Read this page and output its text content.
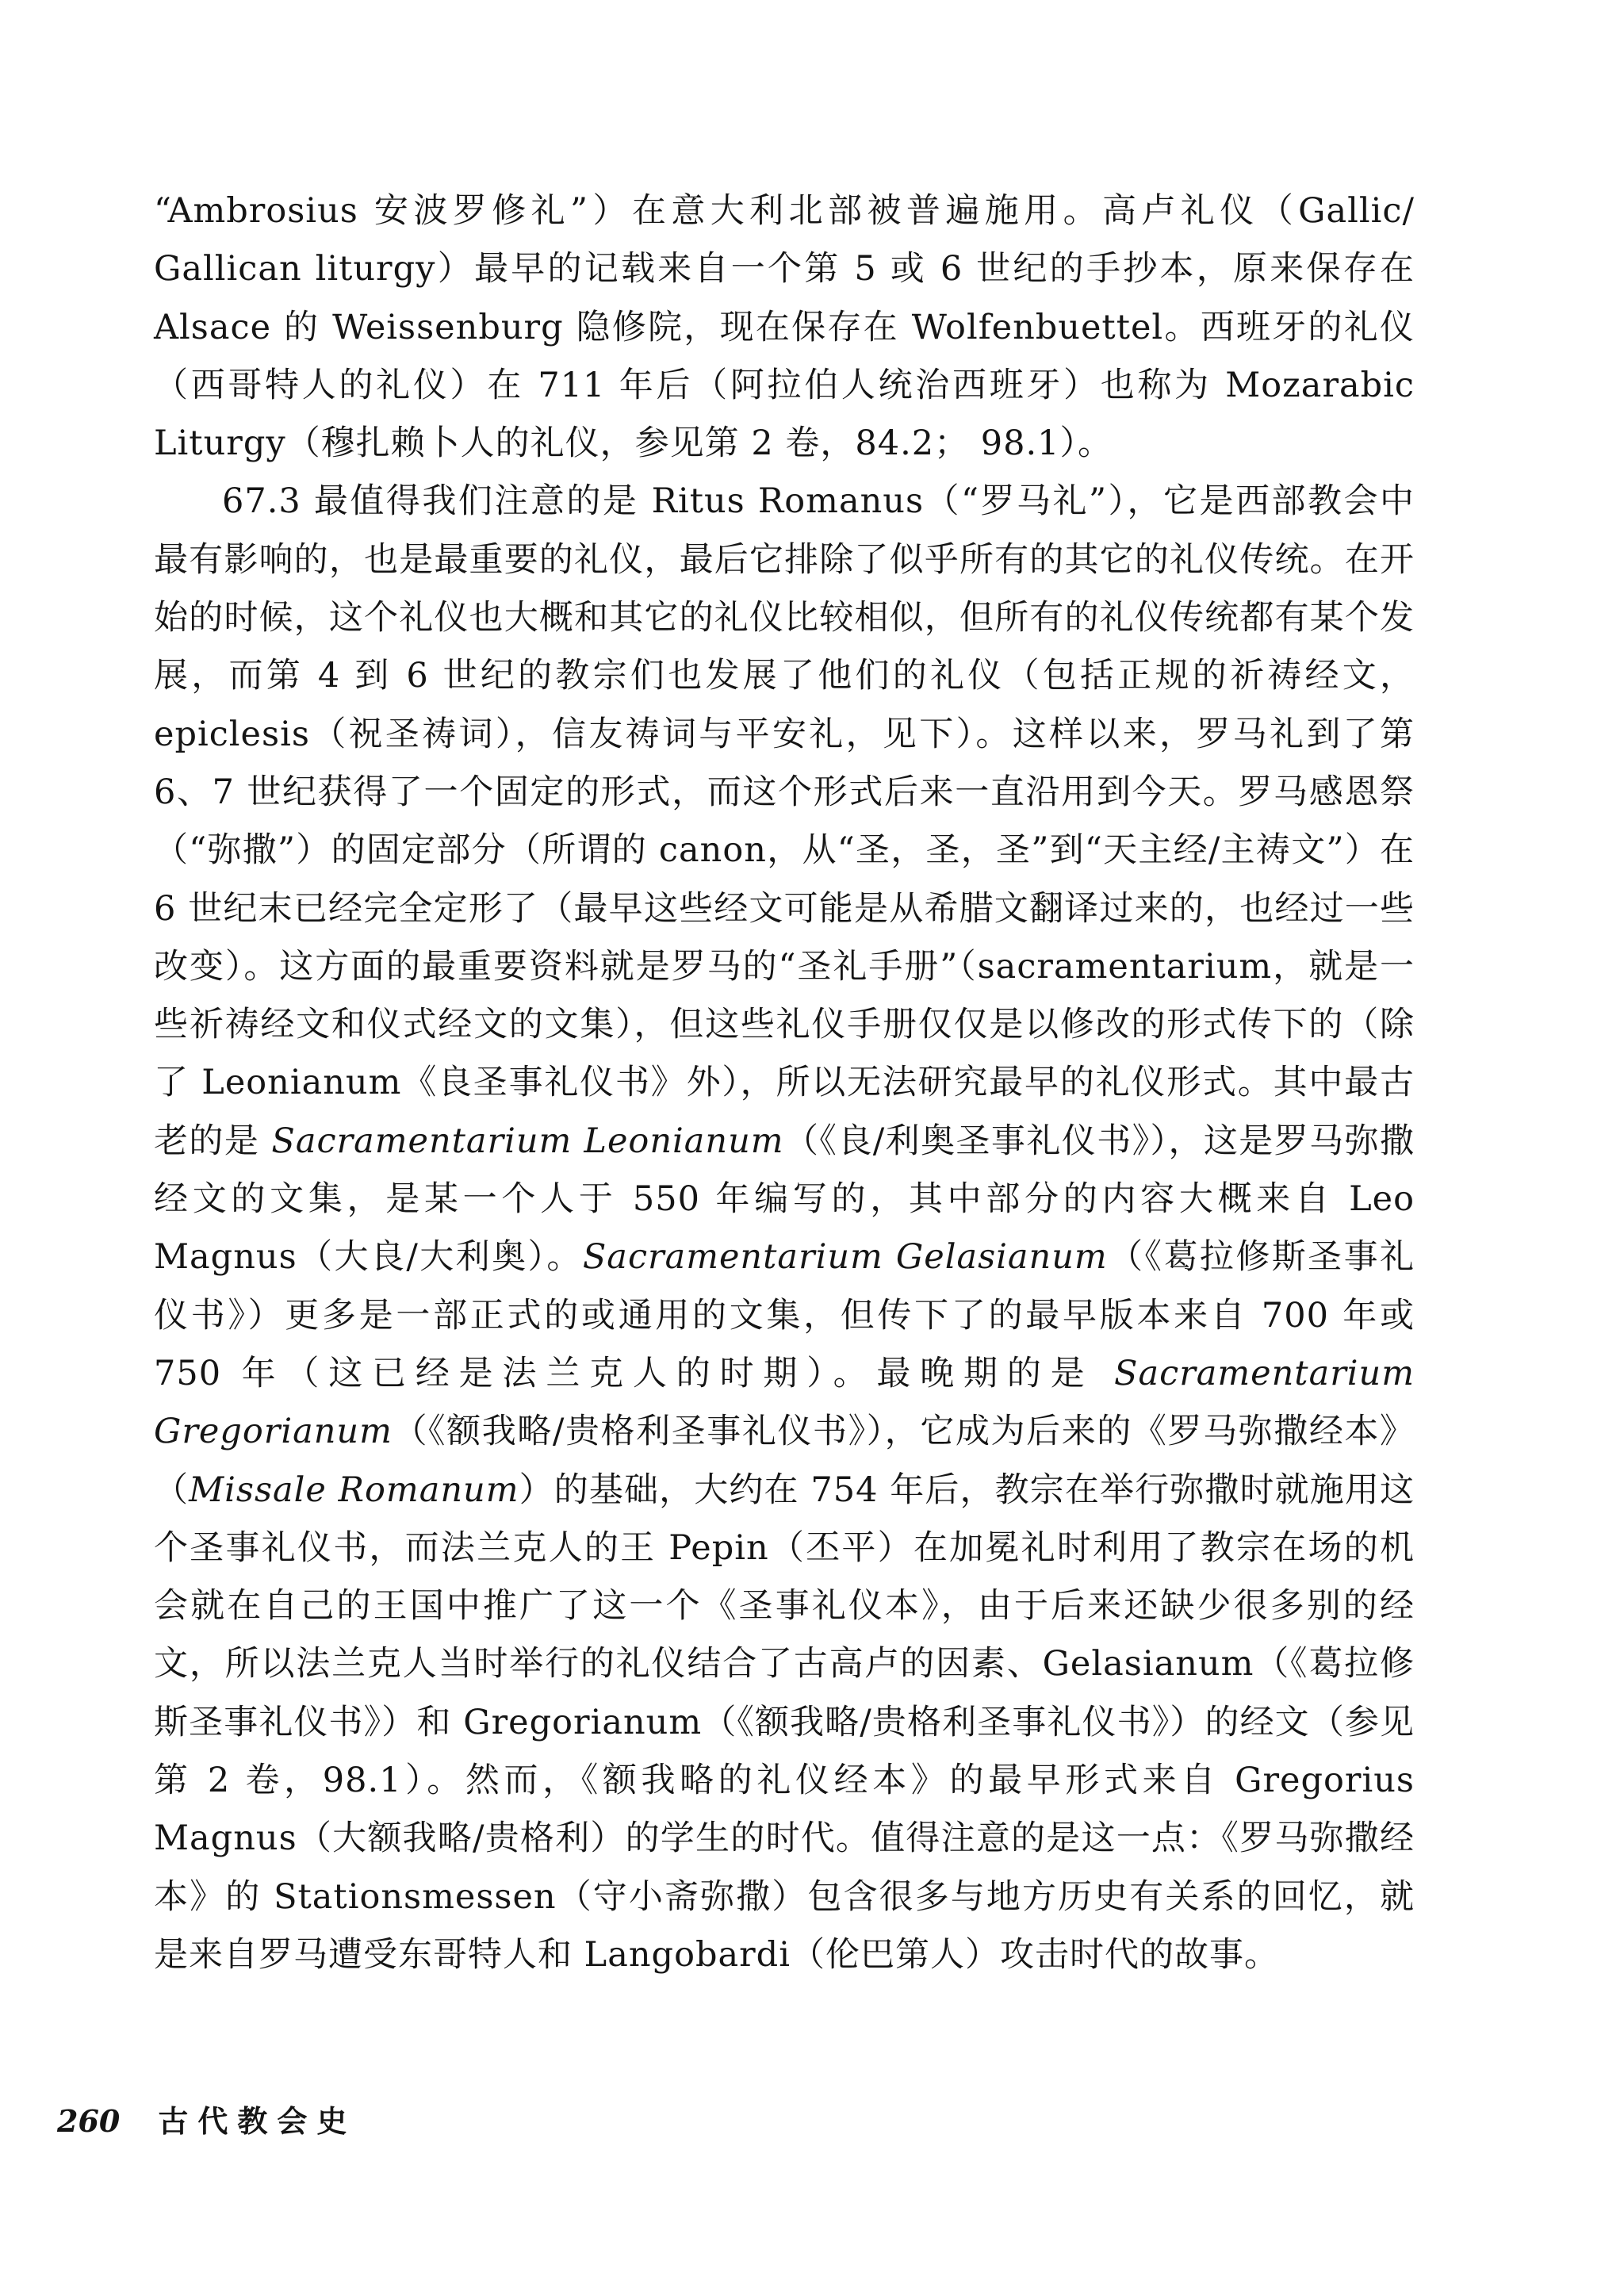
“Ambrosius 安波罗修礼”）在意大利北部被普遍施用。高卢礼仪（Gallic/ Gallican liturgy）最早的记载来自一个第 5 或 6 世纪的手抄本，原来保存在 Alsace 的 Weissenburg 隐修院，现在保存在 Wolfenbuettel。西班牙的礼仪（西哥特人的礼仪）在 711 年后（阿拉伯人统治西班牙）也称为 Mozarabic Liturgy（穆扎赖卜人的礼仪，参见第 2 卷，84.2； 98.1）。

67.3 最值得我们注意的是 Ritus Romanus（“罗马礼”），它是西部教会中最有影响的，也是最重要的礼仪，最后它排除了似乎所有的其它的礼仪传统。在开始的时候，这个礼仪也大概和其它的礼仪比较相似，但所有的礼仪传统都有某个发展，而第 4 到 6 世纪的教宗们也发展了他们的礼仪（包括正规的祈祷经文，epiclesis（祝圣祷词），信友祷词与平安礼，见下）。这样以来，罗马礼到了第 6、7 世纪获得了一个固定的形式，而这个形式后来一直沿用到今天。罗马感恩祭（“弥撒”）的固定部分（所谓的 canon，从“圣，圣，圣”到“天主经/主祷文”）在 6 世纪末已经完全定形了（最早这些经文可能是从希腊文翻译过来的，也经过一些改变）。这方面的最重要资料就是罗马的“圣礼手册”（sacramentarium，就是一些祈祷经文和仪式经文的文集），但这些礼仪手册仅仅是以修改的形式传下的（除了 Leonianum《良圣事礼仪书》外），所以无法研究最早的礼仪形式。其中最古老的是 Sacramentarium Leonianum（《良/利奥圣事礼仪书》），这是罗马弥撒经文的文集，是某一个人于 550 年编写的，其中部分的内容大概来自 Leo Magnus（大良/大利奥）。Sacramentarium Gelasianum（《葛拉修斯圣事礼仪书》）更多是一部正式的或通用的文集，但传下了的最早版本来自 700 年或 750 年（这已经是法兰克人的时期）。最晚期的是 Sacramentarium Gregorianum（《额我略/贵格利圣事礼仪书》），它成为后来的《罗马弥撒经本》（Missale Romanum）的基础，大约在 754 年后，教宗在举行弥撒时就施用这个圣事礼仪书，而法兰克人的王 Pepin（丕平）在加冕礼时利用了教宗在场的机会就在自己的王国中推广了这一个《圣事礼仪本》，由于后来还缺少很多别的经文，所以法兰克人当时举行的礼仪结合了古高卢的因素、Gelasianum（《葛拉修斯圣事礼仪书》）和 Gregorianum（《额我略/贵格利圣事礼仪书》）的经文（参见第 2 卷，98.1）。然而，《额我略的礼仪经本》的最早形式来自 Gregorius Magnus（大额我略/贵格利）的学生的时代。值得注意的是这一点：《罗马弥撒经本》的 Stationsmessen（守小斋弥撒）包含很多与地方历史有关系的回忆，就是来自罗马遭受东哥特人和 Langobardi（伦巴第人）攻击时代的故事。

260 古代教会史
